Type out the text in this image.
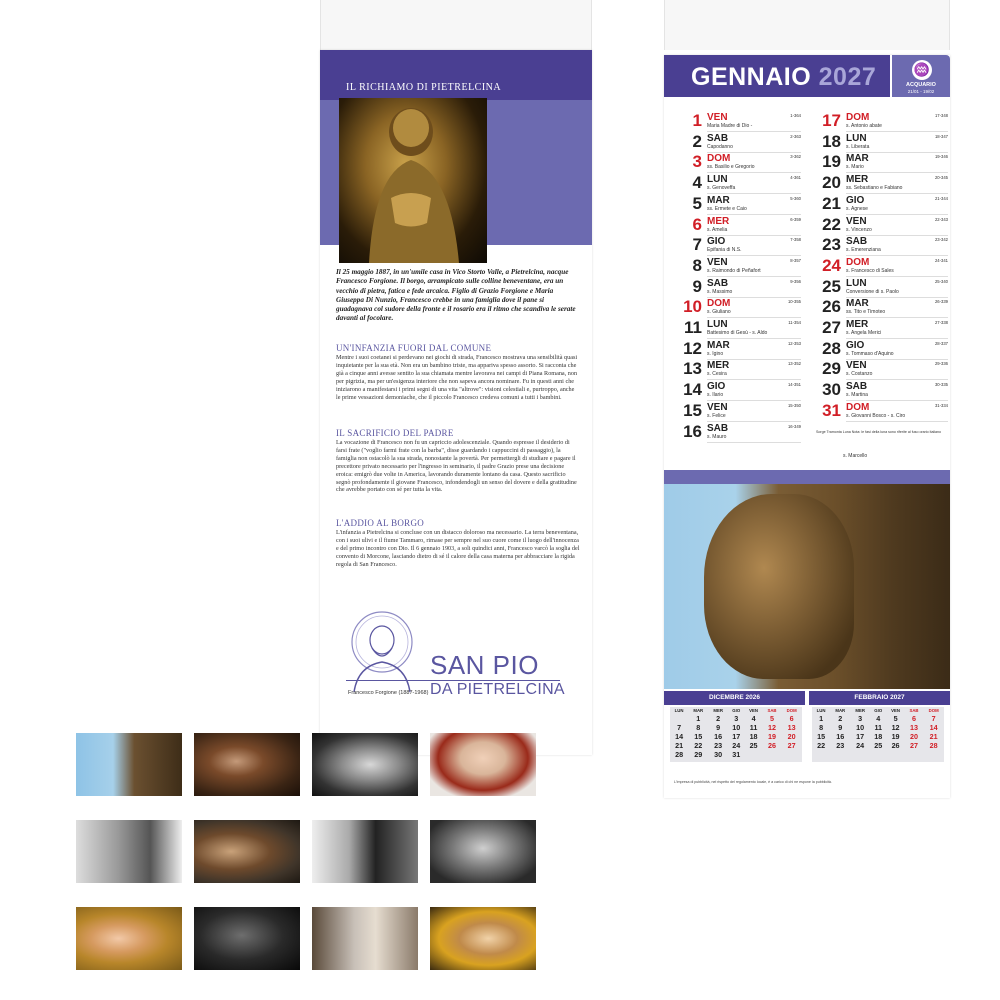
IL RICHIAMO DI PIETRELCINA
Il 25 maggio 1887, in un'umile casa in Vico Storto Valle, a Pietrelcina, nacque Francesco Forgione. Il borgo, arrampicato sulle colline beneventane, era un vecchio di pietra, fatica e fede arcaica. Figlio di Grazio Forgione e Maria Giuseppa Di Nunzio, Francesco crebbe in una famiglia dove il pane si guadagnava col sudore della fronte e il rosario era il ritmo che scandiva le serate davanti al focolare.
UN'INFANZIA FUORI DAL COMUNE
Mentre i suoi coetanei si perdevano nei giochi di strada, Francesco mostrava una sensibilità quasi inquietante per la sua età. Non era un bambino triste, ma appariva spesso assorto. Si racconta che già a cinque anni avesse sentito la sua chiamata mentre lavorava nei campi di Piana Romana, non per pigrizia, ma per un'esigenza interiore che non sapeva ancora nominare. Fu in questi anni che iniziarono a manifestarsi i primi segni di una vita "altrove": visioni celestiali e, purtroppo, anche le prime vessazioni demoniache, che il piccolo Francesco credeva comuni a tutti i bambini.
IL SACRIFICIO DEL PADRE
La vocazione di Francesco non fu un capriccio adolescenziale. Quando espresse il desiderio di farsi frate ("voglio farmi frate con la barba", disse guardando i cappuccini di passaggio), la famiglia non ostacolò la sua strada, nonostante la povertà. Per permettergli di studiare e pagare il precettore privato necessario per l'ingresso in seminario, il padre Grazio prese una decisione eroica: emigrò due volte in America, lavorando duramente lontano da casa. Questo sacrificio segnò profondamente il giovane Francesco, infondendogli un senso del dovere e della gratitudine che avrebbe portato con sé per tutta la vita.
L'ADDIO AL BORGO
L'infanzia a Pietrelcina si concluse con un distacco doloroso ma necessario. La terra beneventana, con i suoi ulivi e il fiume Tammaro, rimase per sempre nel suo cuore come il luogo dell'innocenza e del primo incontro con Dio. Il 6 gennaio 1903, a soli quindici anni, Francesco varcò la soglia del convento di Morcone, lasciando dietro di sé il calore della casa materna per abbracciare la rigida regola di San Francesco.
SAN PIO
DA PIETRELCINA
Francesco Forgione (1887-1968)
GENNAIO 2027	♒
ACQUARIO
21/01 - 19/02
1 VEN
Maria Madre di Dio -
1-364
2 SAB
Capodanno
2-363
3 DOM
ss. Basilio e Gregorio
3-362
4 LUN
s. Genoveffa
4-361
5 MAR
ss. Ermete e Caio
5-360
6 MER
s. Amelia
6-359
7 GIO
Epifania di N.S.
7-358
8 VEN
s. Raimondo di Peñafort
8-357
9 SAB
s. Massimo
9-356
10 DOM
s. Giuliano
10-355
11 LUN
Battesimo di Gesù - s. Aldo
11-354
12 MAR
s. Igino
12-353
13 MER
s. Cesira
13-352
14 GIO
s. Ilario
14-351
15 VEN
s. Felice
15-350
16 SAB
s. Mauro
16-349
17 DOM
s. Antonio abate
17-348
18 LUN
s. Liberata
18-347
19 MAR
s. Mario
19-346
20 MER
ss. Sebastiano e Fabiano
20-345
21 GIO
s. Agnese
21-344
22 VEN
s. Vincenzo
22-343
23 SAB
s. Emerenziana
23-342
24 DOM
s. Francesco di Sales
24-341
25 LUN
Conversione di s. Paolo
25-340
26 MAR
ss. Tito e Timoteo
26-339
27 MER
s. Angela Merici
27-338
28 GIO
s. Tommaso d'Aquino
28-337
29 VEN
s. Costanzo
29-336
30 SAB
s. Martina
30-335
31 DOM
s. Giovanni Bosco - s. Ciro
31-334
s. Marcello
Sorge Tramonta Luna Nota: le fasi della luna sono riferite al fuso orario italiano
DICEMBRE 2026	FEBBRAIO 2027
LUN	MAR	MER	GIO	VEN	SAB	DOM
	1	2	3	4	5	6
7	8	9	10	11	12	13
14	15	16	17	18	19	20
21	22	23	24	25	26	27
28	29	30	31			
LUN	MAR	MER	GIO	VEN	SAB	DOM
1	2	3	4	5	6	7
8	9	10	11	12	13	14
15	16	17	18	19	20	21
22	23	24	25	26	27	28
L'impresa di pubblicità, nel rispetto del regolamento locale, è a carico di chi ne espone la pubblicità.
